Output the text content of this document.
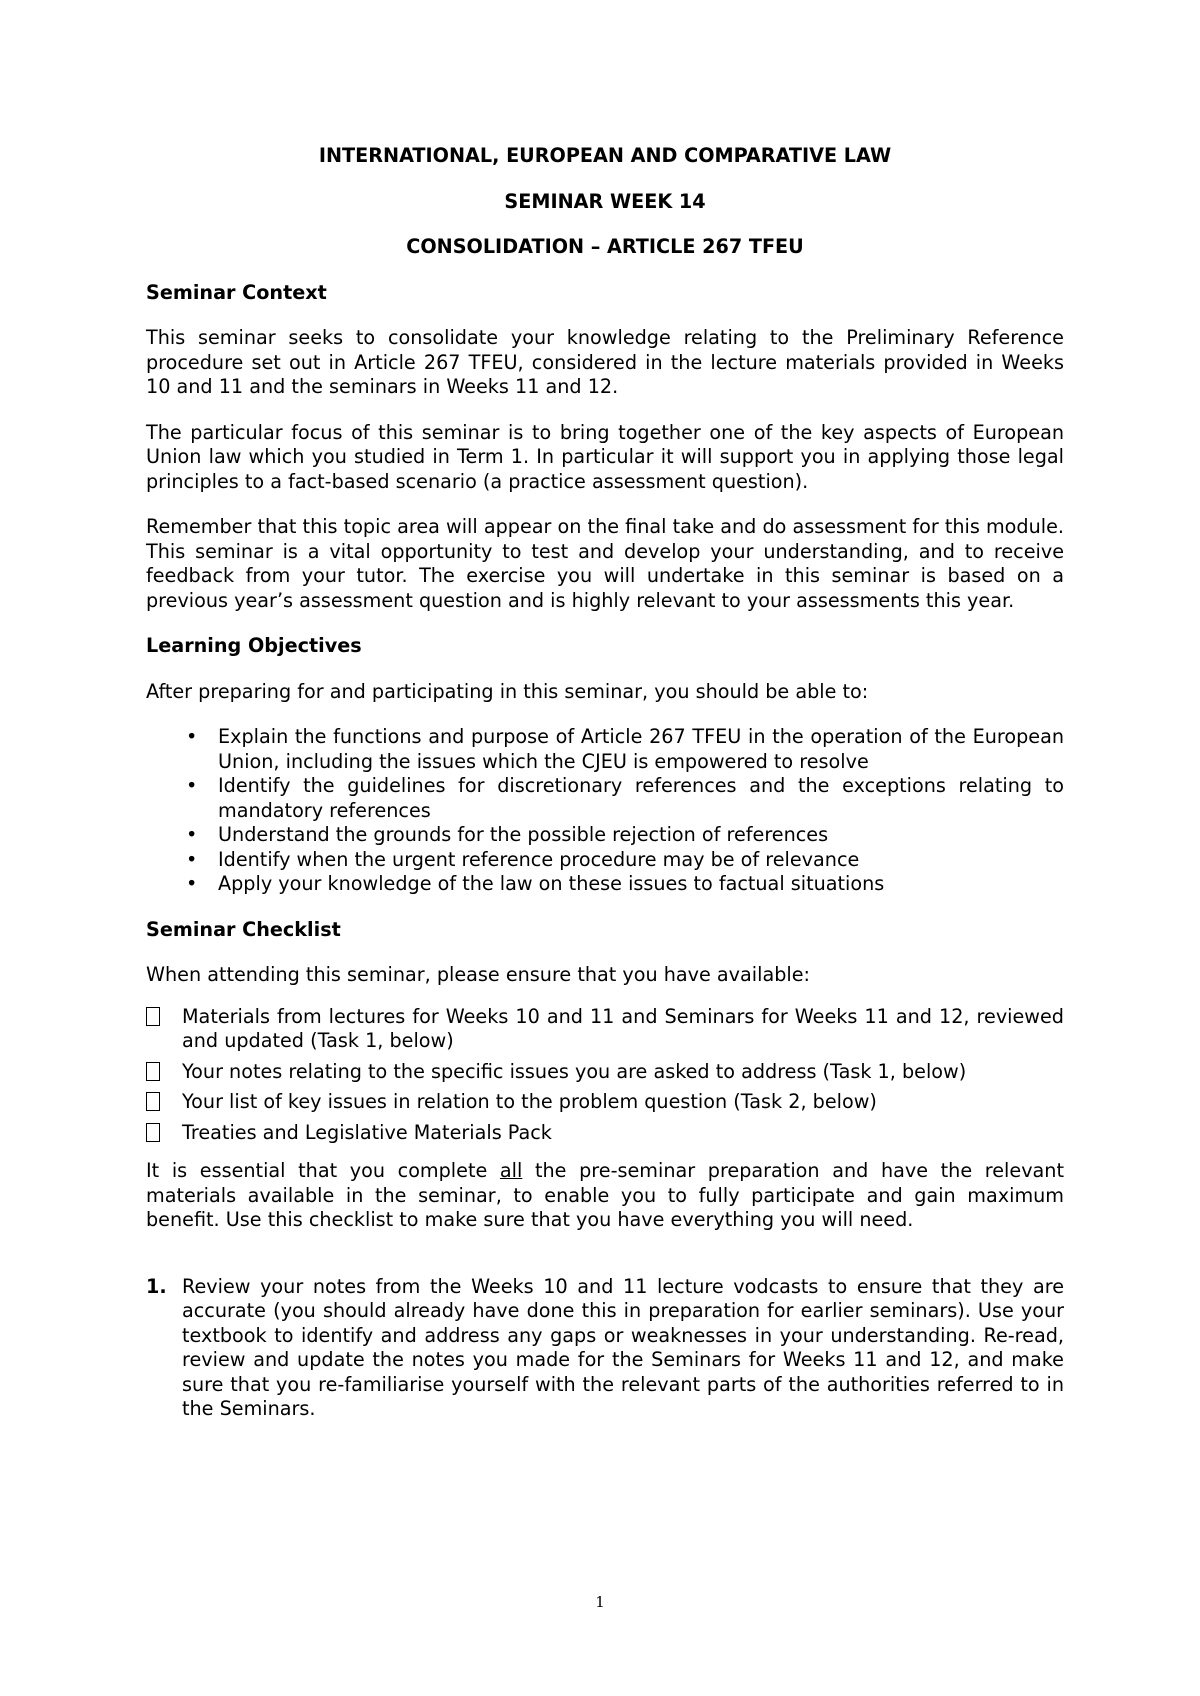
INTERNATIONAL, EUROPEAN AND COMPARATIVE LAW

SEMINAR WEEK 14

CONSOLIDATION – ARTICLE 267 TFEU

Seminar Context

This seminar seeks to consolidate your knowledge relating to the Preliminary Reference procedure set out in Article 267 TFEU, considered in the lecture materials provided in Weeks 10 and 11 and the seminars in Weeks 11 and 12.

The particular focus of this seminar is to bring together one of the key aspects of European Union law which you studied in Term 1. In particular it will support you in applying those legal principles to a fact-based scenario (a practice assessment question).

Remember that this topic area will appear on the final take and do assessment for this module. This seminar is a vital opportunity to test and develop your understanding, and to receive feedback from your tutor. The exercise you will undertake in this seminar is based on a previous year’s assessment question and is highly relevant to your assessments this year.

Learning Objectives

After preparing for and participating in this seminar, you should be able to:

• Explain the functions and purpose of Article 267 TFEU in the operation of the European Union, including the issues which the CJEU is empowered to resolve
• Identify the guidelines for discretionary references and the exceptions relating to mandatory references
• Understand the grounds for the possible rejection of references
• Identify when the urgent reference procedure may be of relevance
• Apply your knowledge of the law on these issues to factual situations
Seminar Checklist

When attending this seminar, please ensure that you have available:

Materials from lectures for Weeks 10 and 11 and Seminars for Weeks 11 and 12, reviewed and updated (Task 1, below)
Your notes relating to the specific issues you are asked to address (Task 1, below)
Your list of key issues in relation to the problem question (Task 2, below)
Treaties and Legislative Materials Pack

It is essential that you complete all the pre-seminar preparation and have the relevant materials available in the seminar, to enable you to fully participate and gain maximum benefit. Use this checklist to make sure that you have everything you will need.

1. Review your notes from the Weeks 10 and 11 lecture vodcasts to ensure that they are accurate (you should already have done this in preparation for earlier seminars). Use your textbook to identify and address any gaps or weaknesses in your understanding. Re-read, review and update the notes you made for the Seminars for Weeks 11 and 12, and make sure that you re-familiarise yourself with the relevant parts of the authorities referred to in the Seminars.
1
